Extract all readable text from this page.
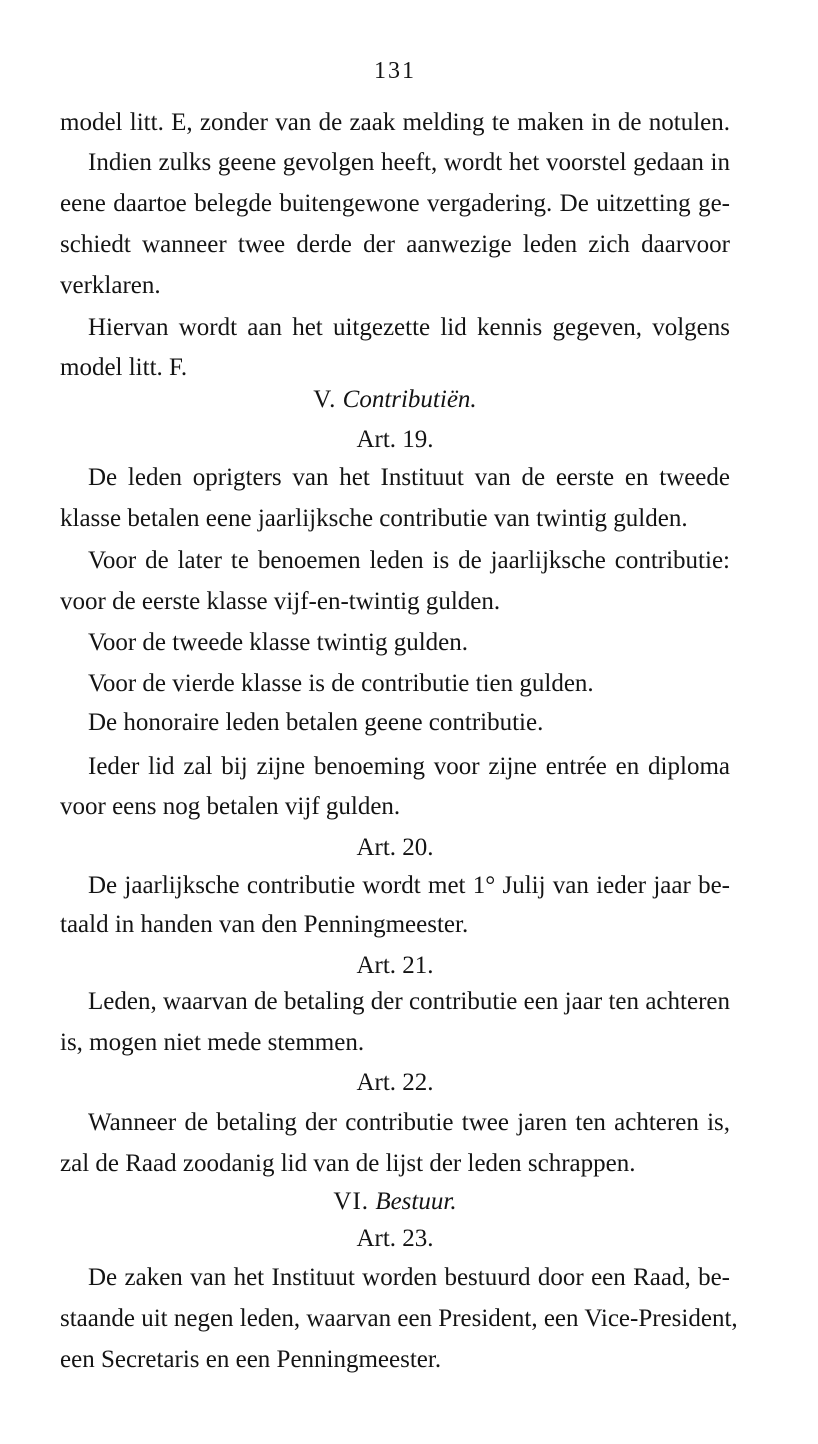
131
model litt. E, zonder van de zaak melding te maken in de notulen.
Indien zulks geene gevolgen heeft, wordt het voorstel gedaan in
eene daartoe belegde buitengewone vergadering. De uitzetting ge-
schiedt wanneer twee derde der aanwezige leden zich daarvoor
verklaren.
Hiervan wordt aan het uitgezette lid kennis gegeven, volgens
model litt. F.
V. Contributiën.
Art. 19.
De leden oprigters van het Instituut van de eerste en tweede
klasse betalen eene jaarlijksche contributie van twintig gulden.
Voor de later te benoemen leden is de jaarlijksche contributie:
voor de eerste klasse vijf-en-twintig gulden.
Voor de tweede klasse twintig gulden.
Voor de vierde klasse is de contributie tien gulden.
De honoraire leden betalen geene contributie.
Ieder lid zal bij zijne benoeming voor zijne entrée en diploma
voor eens nog betalen vijf gulden.
Art. 20.
De jaarlijksche contributie wordt met 1° Julij van ieder jaar be-
taald in handen van den Penningmeester.
Art. 21.
Leden, waarvan de betaling der contributie een jaar ten achteren
is, mogen niet mede stemmen.
Art. 22.
Wanneer de betaling der contributie twee jaren ten achteren is,
zal de Raad zoodanig lid van de lijst der leden schrappen.
VI. Bestuur.
Art. 23.
De zaken van het Instituut worden bestuurd door een Raad, be-
staande uit negen leden, waarvan een President, een Vice-President,
een Secretaris en een Penningmeester.
